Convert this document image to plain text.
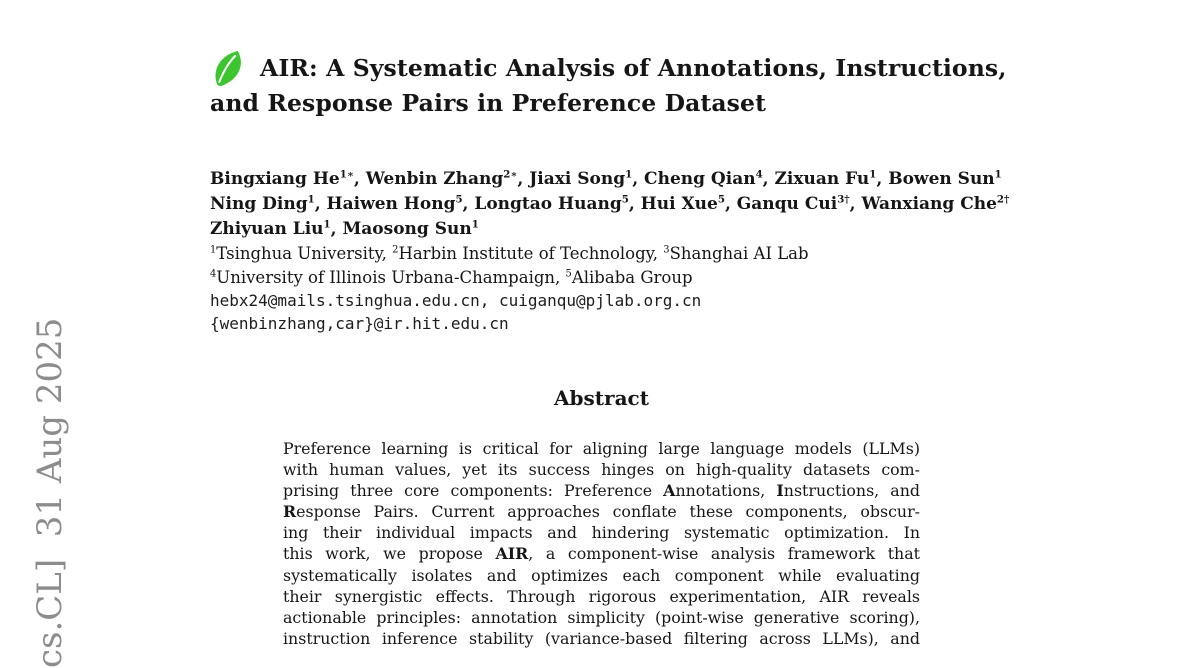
cs.CL]  31 Aug 2025
AIR: A Systematic Analysis of Annotations, Instructions,
and Response Pairs in Preference Dataset
Bingxiang $He^{1∗}$, Wenbin Zhang$^{2∗}$, Jiaxi Song$^1$, Cheng Qian$^4$, Zixuan Fu$^1$, Bowen Sun$^1$
Ning Ding$^1$, Haiwen Hong$^5$, Longtao Huang$^5$, Hui Xue$^5$, Ganqu Cui$^{3\dagger}$, Wanxiang Che$^{2\dagger}$
Zhiyuan Liu$^1$, Maosong Sun$^1$
$^1$Tsinghua University, $^2$Harbin Institute of Technology, $^3$Shanghai AI Lab
$^4$University of Illinois Urbana-Champaign, $^5$Alibaba Group
hebx24@mails.tsinghua.edu.cn, cuiganqu@pjlab.org.cn
{wenbinzhang,car}@ir.hit.edu.cn
Abstract
Preference learning is critical for aligning large language models (LLMs)
with human values, yet its success hinges on high-quality datasets com-
prising three core components: Preference Annotations, Instructions, and
Response Pairs. Current approaches conflate these components, obscur-
ing their individual impacts and hindering systematic optimization. In
this work, we propose AIR, a component-wise analysis framework that
systematically isolates and optimizes each component while evaluating
their synergistic effects. Through rigorous experimentation, AIR reveals
actionable principles: annotation simplicity (point-wise generative scoring),
instruction inference stability (variance-based filtering across LLMs), and
